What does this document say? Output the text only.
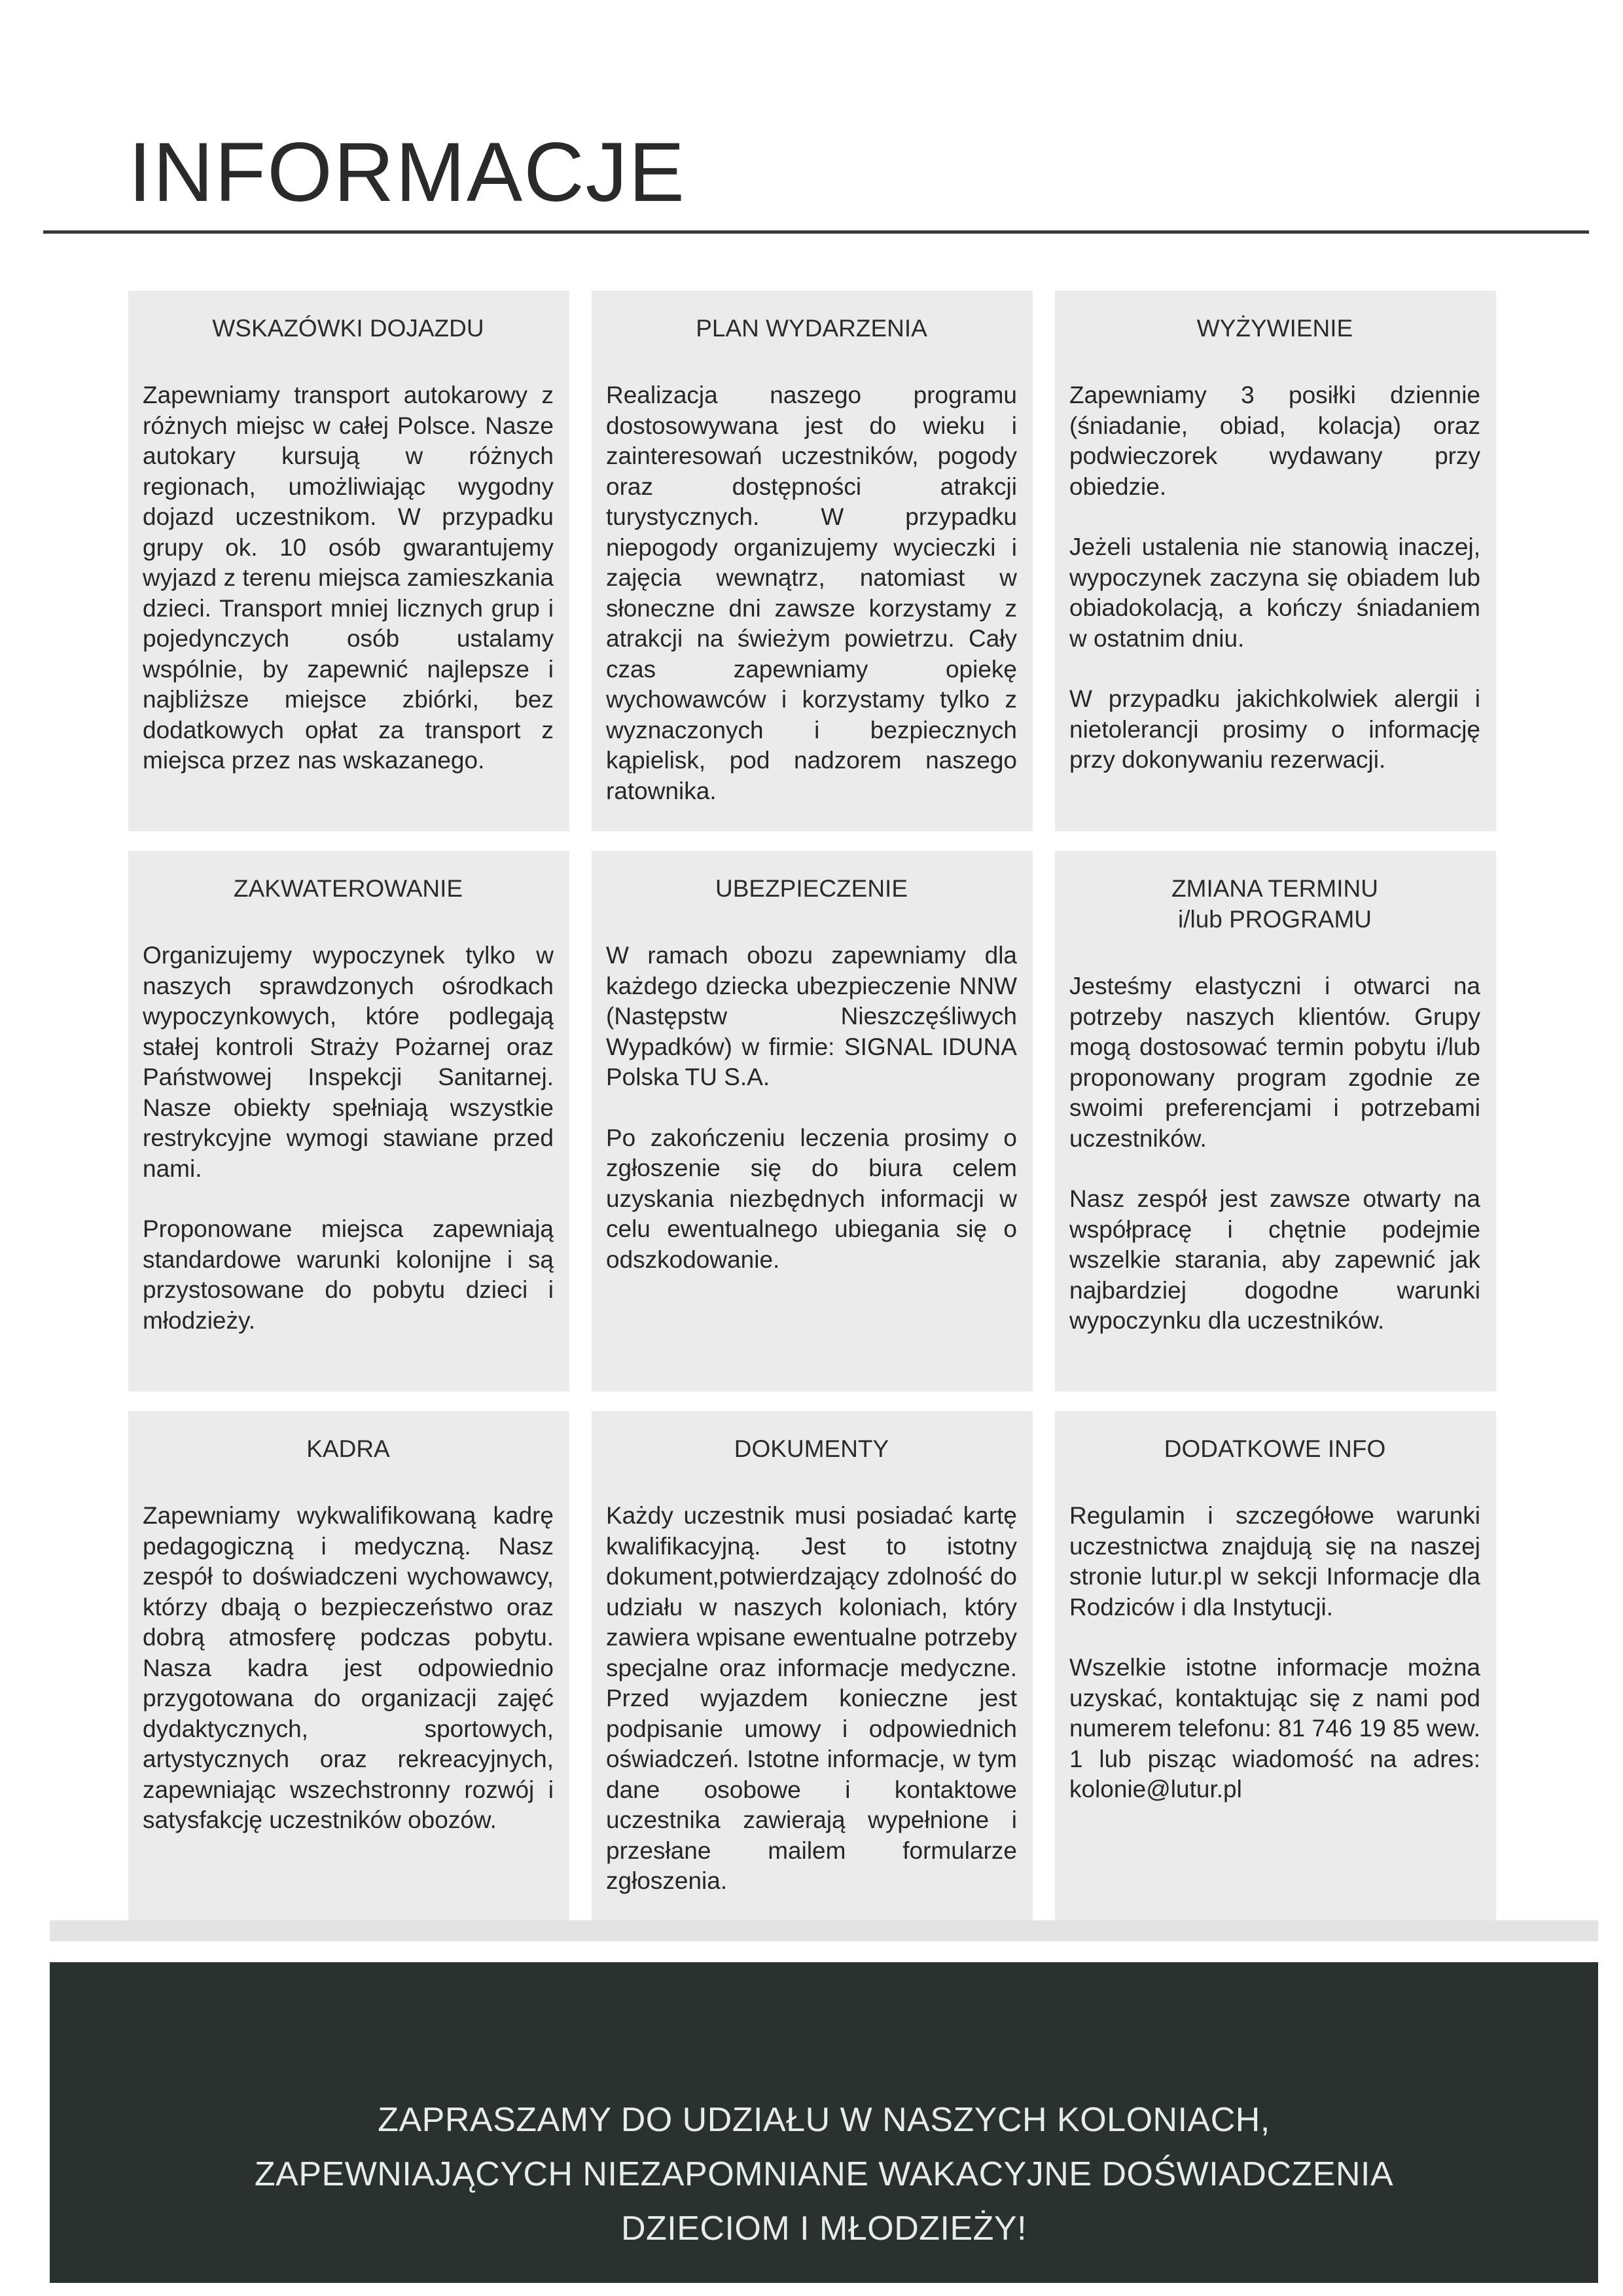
INFORMACJE
WSKAZÓWKI DOJAZDU

Zapewniamy transport autokarowy z różnych miejsc w całej Polsce. Nasze autokary kursują w różnych regionach, umożliwiając wygodny dojazd uczestnikom. W przypadku grupy ok. 10 osób gwarantujemy wyjazd z terenu miejsca zamieszkania dzieci. Transport mniej licznych grup i pojedynczych osób ustalamy wspólnie, by zapewnić najlepsze i najbliższe miejsce zbiórki, bez dodatkowych opłat za transport z miejsca przez nas wskazanego.

PLAN WYDARZENIA

Realizacja naszego programu dostosowywana jest do wieku i zainteresowań uczestników, pogody oraz dostępności atrakcji turystycznych. W przypadku niepogody organizujemy wycieczki i zajęcia wewnątrz, natomiast w słoneczne dni zawsze korzystamy z atrakcji na świeżym powietrzu. Cały czas zapewniamy opiekę wychowawców i korzystamy tylko z wyznaczonych i bezpiecznych kąpielisk, pod nadzorem naszego ratownika.

WYŻYWIENIE

Zapewniamy 3 posiłki dziennie (śniadanie, obiad, kolacja) oraz podwieczorek wydawany przy obiedzie.

Jeżeli ustalenia nie stanowią inaczej, wypoczynek zaczyna się obiadem lub obiadokolacją, a kończy śniadaniem w ostatnim dniu.

W przypadku jakichkolwiek alergii i nietolerancji prosimy o informację przy dokonywaniu rezerwacji.

ZAKWATEROWANIE

Organizujemy wypoczynek tylko w naszych sprawdzonych ośrodkach wypoczynkowych, które podlegają stałej kontroli Straży Pożarnej oraz Państwowej Inspekcji Sanitarnej. Nasze obiekty spełniają wszystkie restrykcyjne wymogi stawiane przed nami.

Proponowane miejsca zapewniają standardowe warunki kolonijne i są przystosowane do pobytu dzieci i młodzieży.

UBEZPIECZENIE

W ramach obozu zapewniamy dla każdego dziecka ubezpieczenie NNW (Następstw Nieszczęśliwych Wypadków) w firmie: SIGNAL IDUNA Polska TU S.A.

Po zakończeniu leczenia prosimy o zgłoszenie się do biura celem uzyskania niezbędnych informacji w celu ewentualnego ubiegania się o odszkodowanie.

ZMIANA TERMINU
i/lub PROGRAMU

Jesteśmy elastyczni i otwarci na potrzeby naszych klientów. Grupy mogą dostosować termin pobytu i/lub proponowany program zgodnie ze swoimi preferencjami i potrzebami uczestników.

Nasz zespół jest zawsze otwarty na współpracę i chętnie podejmie wszelkie starania, aby zapewnić jak najbardziej dogodne warunki wypoczynku dla uczestników.

KADRA

Zapewniamy wykwalifikowaną kadrę pedagogiczną i medyczną. Nasz zespół to doświadczeni wychowawcy, którzy dbają o bezpieczeństwo oraz dobrą atmosferę podczas pobytu. Nasza kadra jest odpowiednio przygotowana do organizacji zajęć dydaktycznych, sportowych, artystycznych oraz rekreacyjnych, zapewniając wszechstronny rozwój i satysfakcję uczestników obozów.

DOKUMENTY

Każdy uczestnik musi posiadać kartę kwalifikacyjną. Jest to istotny dokument,potwierdzający zdolność do udziału w naszych koloniach, który zawiera wpisane ewentualne potrzeby specjalne oraz informacje medyczne. Przed wyjazdem konieczne jest podpisanie umowy i odpowiednich oświadczeń. Istotne informacje, w tym dane osobowe i kontaktowe uczestnika zawierają wypełnione i przesłane mailem formularze zgłoszenia.

DODATKOWE INFO

Regulamin i szczegółowe warunki uczestnictwa znajdują się na naszej stronie lutur.pl w sekcji Informacje dla Rodziców i dla Instytucji.

Wszelkie istotne informacje można uzyskać, kontaktując się z nami pod numerem telefonu: 81 746 19 85 wew. 1 lub pisząc wiadomość na adres: kolonie@lutur.pl

ZAPRASZAMY DO UDZIAŁU W NASZYCH KOLONIACH,
ZAPEWNIAJĄCYCH NIEZAPOMNIANE WAKACYJNE DOŚWIADCZENIA
DZIECIOM I MŁODZIEŻY!
